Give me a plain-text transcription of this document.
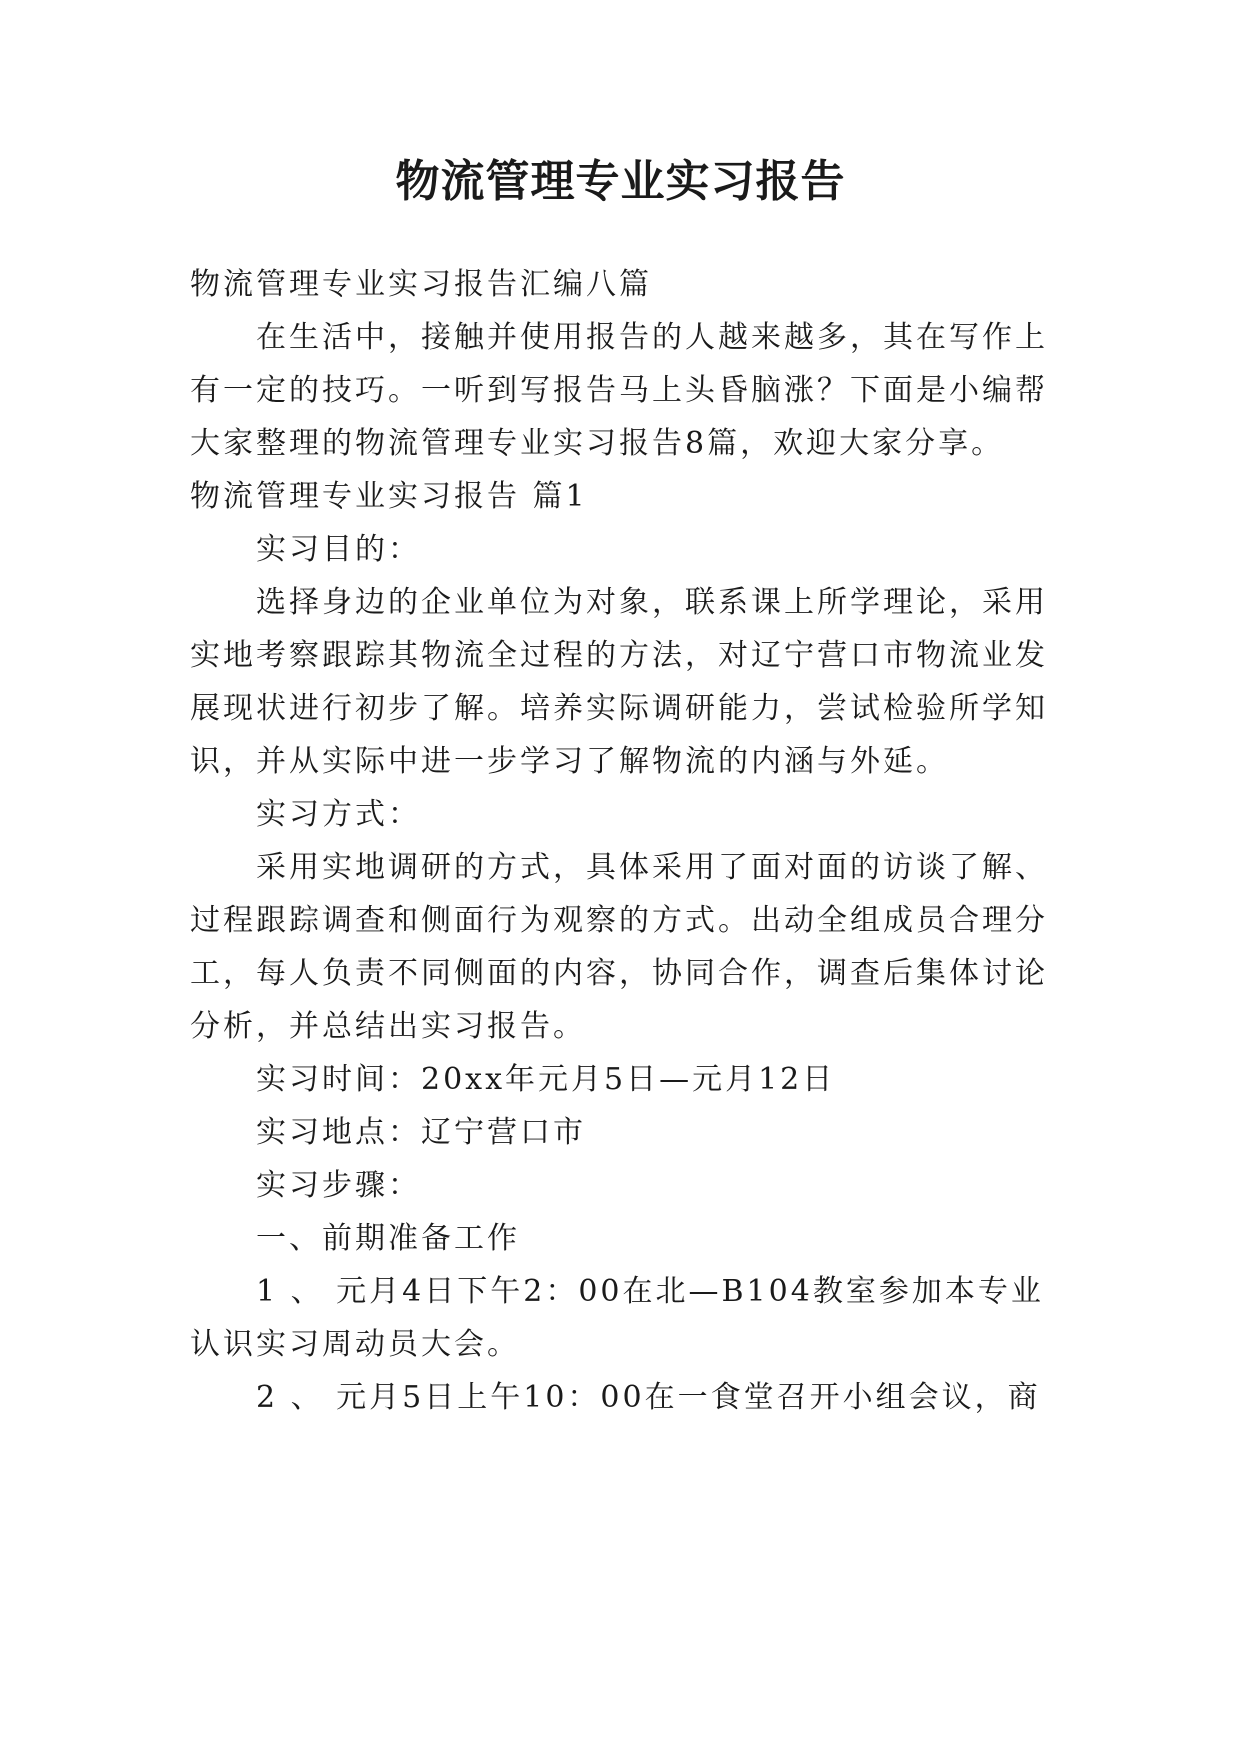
物流管理专业实习报告
物流管理专业实习报告汇编八篇
在生活中，接触并使用报告的人越来越多，其在写作上
有一定的技巧。一听到写报告马上头昏脑涨？下面是小编帮
大家整理的物流管理专业实习报告8篇，欢迎大家分享。
物流管理专业实习报告 篇1
实习目的：
选择身边的企业单位为对象，联系课上所学理论，采用
实地考察跟踪其物流全过程的方法，对辽宁营口市物流业发
展现状进行初步了解。培养实际调研能力，尝试检验所学知
识，并从实际中进一步学习了解物流的内涵与外延。
实习方式：
采用实地调研的方式，具体采用了面对面的访谈了解、
过程跟踪调查和侧面行为观察的方式。出动全组成员合理分
工，每人负责不同侧面的内容，协同合作，调查后集体讨论
分析，并总结出实习报告。
实习时间：20xx年元月5日—元月12日
实习地点：辽宁营口市
实习步骤：
一、前期准备工作
1 、 元月4日下午2：00在北—B104教室参加本专业
认识实习周动员大会。
2 、 元月5日上午10：00在一食堂召开小组会议，商
